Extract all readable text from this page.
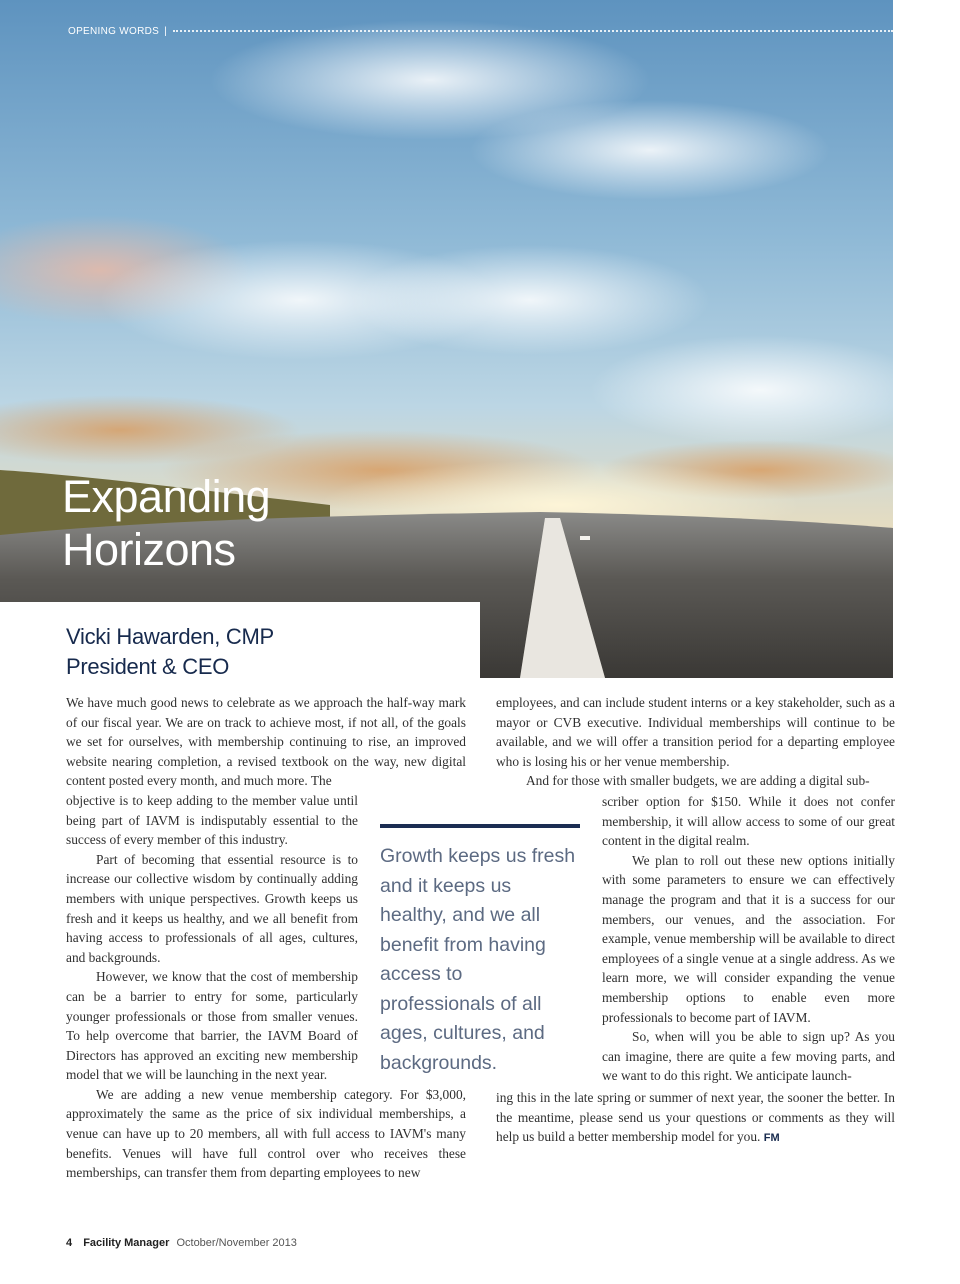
OPENING WORDS |
Expanding
Horizons
Vicki Hawarden, CMP
President & CEO

We have much good news to celebrate as we approach the half-way mark of our fiscal year. We are on track to achieve most, if not all, of the goals we set for ourselves, with membership continuing to rise, an improved website nearing completion, a revised textbook on the way, new digital content posted every month, and much more. The

objective is to keep adding to the member value until being part of IAVM is indisputably essential to the success of every member of this industry.

Part of becoming that essential resource is to increase our collective wisdom by continually adding members with unique perspectives. Growth keeps us fresh and it keeps us healthy, and we all benefit from having access to professionals of all ages, cultures, and backgrounds.

However, we know that the cost of membership can be a barrier to entry for some, particularly younger professionals or those from smaller venues. To help overcome that barrier, the IAVM Board of Directors has approved an exciting new membership model that we will be launching in the next year.

We are adding a new venue membership category. For $3,000, approximately the same as the price of six individual memberships, a venue can have up to 20 members, all with full access to IAVM's many benefits. Venues will have full control over who receives these memberships, can transfer them from departing employees to new

Growth keeps us fresh and it keeps us healthy, and we all benefit from having access to professionals of all ages, cultures, and backgrounds.

employees, and can include student interns or a key stakeholder, such as a mayor or CVB executive. Individual memberships will continue to be available, and we will offer a transition period for a departing employee who is losing his or her venue membership.

And for those with smaller budgets, we are adding a digital sub-

scriber option for $150. While it does not confer membership, it will allow access to some of our great content in the digital realm.

We plan to roll out these new options initially with some parameters to ensure we can effectively manage the program and that it is a success for our members, our venues, and the association. For example, venue membership will be available to direct employees of a single venue at a single address. As we learn more, we will consider expanding the venue membership options to enable even more professionals to become part of IAVM.

So, when will you be able to sign up? As you can imagine, there are quite a few moving parts, and we want to do this right. We anticipate launch-

ing this in the late spring or summer of next year, the sooner the better. In the meantime, please send us your questions or comments as they will help us build a better membership model for you. FM

4 Facility Manager October/November 2013
